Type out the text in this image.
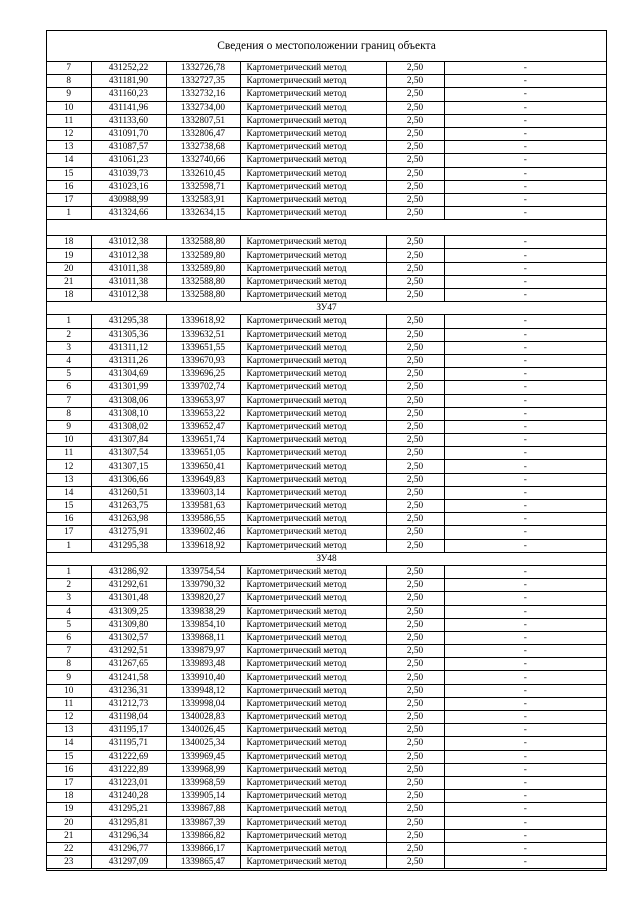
Сведения о местоположении границ объекта
7	431252,22	1332726,78	Картометрический метод	2,50	-
8	431181,90	1332727,35	Картометрический метод	2,50	-
9	431160,23	1332732,16	Картометрический метод	2,50	-
10	431141,96	1332734,00	Картометрический метод	2,50	-
11	431133,60	1332807,51	Картометрический метод	2,50	-
12	431091,70	1332806,47	Картометрический метод	2,50	-
13	431087,57	1332738,68	Картометрический метод	2,50	-
14	431061,23	1332740,66	Картометрический метод	2,50	-
15	431039,73	1332610,45	Картометрический метод	2,50	-
16	431023,16	1332598,71	Картометрический метод	2,50	-
17	430988,99	1332583,91	Картометрический метод	2,50	-
1	431324,66	1332634,15	Картометрический метод	2,50	-

18	431012,38	1332588,80	Картометрический метод	2,50	-
19	431012,38	1332589,80	Картометрический метод	2,50	-
20	431011,38	1332589,80	Картометрический метод	2,50	-
21	431011,38	1332588,80	Картометрический метод	2,50	-
18	431012,38	1332588,80	Картометрический метод	2,50	-
ЗУ47					
1	431295,38	1339618,92	Картометрический метод	2,50	-
2	431305,36	1339632,51	Картометрический метод	2,50	-
3	431311,12	1339651,55	Картометрический метод	2,50	-
4	431311,26	1339670,93	Картометрический метод	2,50	-
5	431304,69	1339696,25	Картометрический метод	2,50	-
6	431301,99	1339702,74	Картометрический метод	2,50	-
7	431308,06	1339653,97	Картометрический метод	2,50	-
8	431308,10	1339653,22	Картометрический метод	2,50	-
9	431308,02	1339652,47	Картометрический метод	2,50	-
10	431307,84	1339651,74	Картометрический метод	2,50	-
11	431307,54	1339651,05	Картометрический метод	2,50	-
12	431307,15	1339650,41	Картометрический метод	2,50	-
13	431306,66	1339649,83	Картометрический метод	2,50	-
14	431260,51	1339603,14	Картометрический метод	2,50	-
15	431263,75	1339581,63	Картометрический метод	2,50	-
16	431263,98	1339586,55	Картометрический метод	2,50	-
17	431275,91	1339602,46	Картометрический метод	2,50	-
1	431295,38	1339618,92	Картометрический метод	2,50	-
ЗУ48					
1	431286,92	1339754,54	Картометрический метод	2,50	-
2	431292,61	1339790,32	Картометрический метод	2,50	-
3	431301,48	1339820,27	Картометрический метод	2,50	-
4	431309,25	1339838,29	Картометрический метод	2,50	-
5	431309,80	1339854,10	Картометрический метод	2,50	-
6	431302,57	1339868,11	Картометрический метод	2,50	-
7	431292,51	1339879,97	Картометрический метод	2,50	-
8	431267,65	1339893,48	Картометрический метод	2,50	-
9	431241,58	1339910,40	Картометрический метод	2,50	-
10	431236,31	1339948,12	Картометрический метод	2,50	-
11	431212,73	1339998,04	Картометрический метод	2,50	-
12	431198,04	1340028,83	Картометрический метод	2,50	-
13	431195,17	1340026,45	Картометрический метод	2,50	-
14	431195,71	1340025,34	Картометрический метод	2,50	-
15	431222,69	1339969,45	Картометрический метод	2,50	-
16	431222,89	1339968,99	Картометрический метод	2,50	-
17	431223,01	1339968,59	Картометрический метод	2,50	-
18	431240,28	1339905,14	Картометрический метод	2,50	-
19	431295,21	1339867,88	Картометрический метод	2,50	-
20	431295,81	1339867,39	Картометрический метод	2,50	-
21	431296,34	1339866,82	Картометрический метод	2,50	-
22	431296,77	1339866,17	Картометрический метод	2,50	-
23	431297,09	1339865,47	Картометрический метод	2,50	-
